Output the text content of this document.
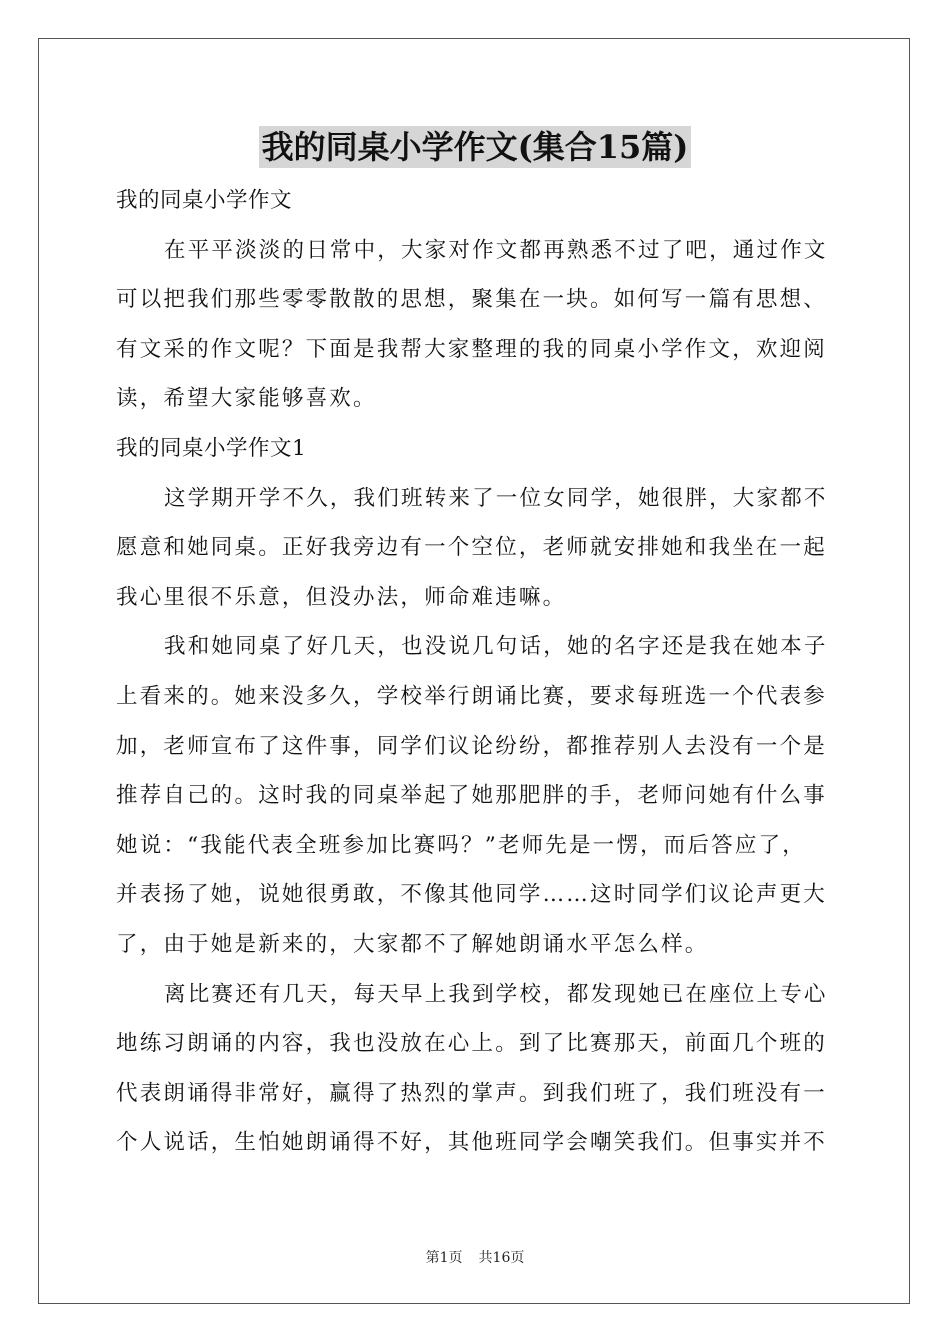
我的同桌小学作文(集合15篇)
我的同桌小学作文
在平平淡淡的日常中，大家对作文都再熟悉不过了吧，通过作文
可以把我们那些零零散散的思想，聚集在一块。如何写一篇有思想、
有文采的作文呢？下面是我帮大家整理的我的同桌小学作文，欢迎阅
读，希望大家能够喜欢。
我的同桌小学作文1
这学期开学不久，我们班转来了一位女同学，她很胖，大家都不
愿意和她同桌。正好我旁边有一个空位，老师就安排她和我坐在一起
我心里很不乐意，但没办法，师命难违嘛。
我和她同桌了好几天，也没说几句话，她的名字还是我在她本子
上看来的。她来没多久，学校举行朗诵比赛，要求每班选一个代表参
加，老师宣布了这件事，同学们议论纷纷，都推荐别人去没有一个是
推荐自己的。这时我的同桌举起了她那肥胖的手，老师问她有什么事
她说：“我能代表全班参加比赛吗？”老师先是一愣，而后答应了，
并表扬了她，说她很勇敢，不像其他同学……这时同学们议论声更大
了，由于她是新来的，大家都不了解她朗诵水平怎么样。
离比赛还有几天，每天早上我到学校，都发现她已在座位上专心
地练习朗诵的内容，我也没放在心上。到了比赛那天，前面几个班的
代表朗诵得非常好，赢得了热烈的掌声。到我们班了，我们班没有一
个人说话，生怕她朗诵得不好，其他班同学会嘲笑我们。但事实并不
第1页 共16页
